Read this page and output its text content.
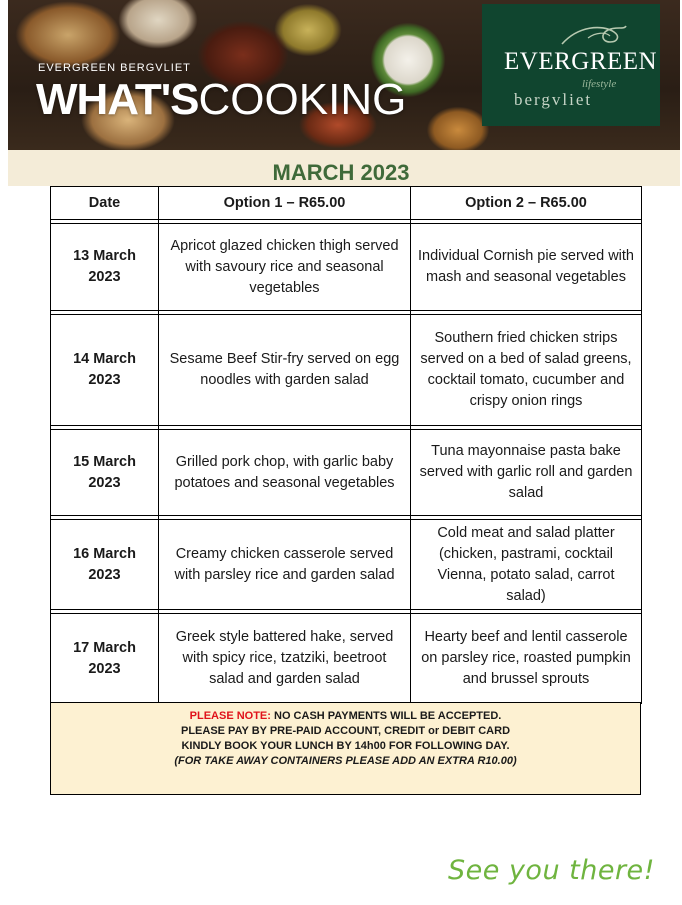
EVERGREEN BERGVLIET
WHAT'SCOOKING
EVERGREEN
lifestyle
bergvliet
MARCH 2023
Date	Option 1 – R65.00	Option 2 – R65.00

13 March
2023	Apricot glazed chicken thigh served with savoury rice and seasonal vegetables	Individual Cornish pie served with mash and seasonal vegetables

14 March
2023	Sesame Beef Stir-fry served on egg noodles with garden salad	Southern fried chicken strips served on a bed of salad greens, cocktail tomato, cucumber and crispy onion rings

15 March
2023	Grilled pork chop, with garlic baby potatoes and seasonal vegetables	Tuna mayonnaise pasta bake served with garlic roll and garden salad

16 March
2023	Creamy chicken casserole served with parsley rice and garden salad	Cold meat and salad platter (chicken, pastrami, cocktail Vienna, potato salad, carrot salad)

17 March
2023	Greek style battered hake, served with spicy rice, tzatziki, beetroot salad and garden salad	Hearty beef and lentil casserole on parsley rice, roasted pumpkin and brussel sprouts
PLEASE NOTE: NO CASH PAYMENTS WILL BE ACCEPTED.
PLEASE PAY BY PRE-PAID ACCOUNT, CREDIT or DEBIT CARD
KINDLY BOOK YOUR LUNCH BY 14h00 FOR FOLLOWING DAY.
(FOR TAKE AWAY CONTAINERS PLEASE ADD AN EXTRA R10.00)
See you there!
